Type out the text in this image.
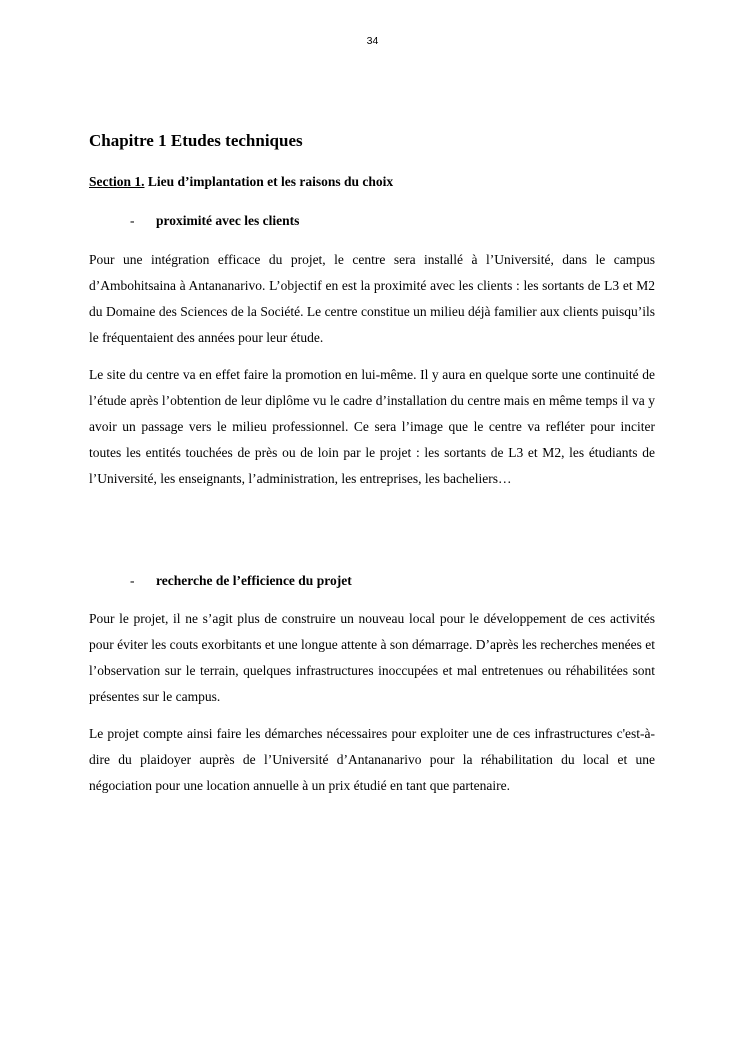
34
Chapitre 1 Etudes techniques

Section 1. Lieu d’implantation et les raisons du choix

- proximité avec les clients

Pour une intégration efficace du projet, le centre sera installé à l’Université, dans le campus d’Ambohitsaina à Antananarivo. L’objectif en est la proximité avec les clients : les sortants de L3 et M2 du Domaine des Sciences de la Société. Le centre constitue un milieu déjà familier aux clients puisqu’ils le fréquentaient des années pour leur étude.

Le site du centre va en effet faire la promotion en lui-même. Il y aura en quelque sorte une continuité de l’étude après l’obtention de leur diplôme vu le cadre d’installation du centre mais en même temps il va y avoir un passage vers le milieu professionnel. Ce sera l’image que le centre va refléter pour inciter toutes les entités touchées de près ou de loin par le projet : les sortants de L3 et M2, les étudiants de l’Université, les enseignants, l’administration, les entreprises, les bacheliers…

- recherche de l’efficience du projet

Pour le projet, il ne s’agit plus de construire un nouveau local pour le développement de ces activités pour éviter les couts exorbitants et une longue attente à son démarrage. D’après les recherches menées et l’observation sur le terrain, quelques infrastructures inoccupées et mal entretenues ou réhabilitées sont présentes sur le campus.

Le projet compte ainsi faire les démarches nécessaires pour exploiter une de ces infrastructures c'est-à-dire du plaidoyer auprès de l’Université d’Antananarivo pour la réhabilitation du local et une négociation pour une location annuelle à un prix étudié en tant que partenaire.
